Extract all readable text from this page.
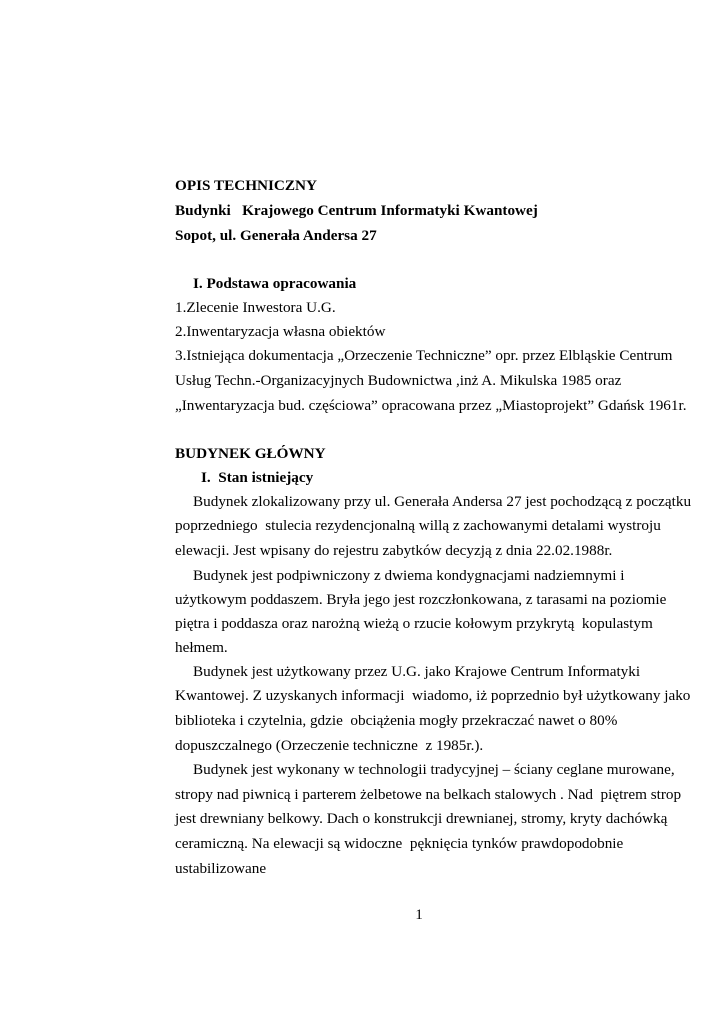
OPIS TECHNICZNY
Budynki   Krajowego Centrum Informatyki Kwantowej
Sopot, ul. Generała Andersa 27
I. Podstawa opracowania
1.Zlecenie Inwestora U.G.
2.Inwentaryzacja własna obiektów
3.Istniejąca dokumentacja „Orzeczenie Techniczne” opr. przez Elbląskie Centrum
Usług Techn.-Organizacyjnych Budownictwa ,inż A. Mikulska 1985 oraz
„Inwentaryzacja bud. częściowa” opracowana przez „Miastoprojekt” Gdańsk 1961r.
BUDYNEK GŁÓWNY
I.  Stan istniejący
Budynek zlokalizowany przy ul. Generała Andersa 27 jest pochodzącą z początku
poprzedniego  stulecia rezydencjonalną willą z zachowanymi detalami wystroju
elewacji. Jest wpisany do rejestru zabytków decyzją z dnia 22.02.1988r.
Budynek jest podpiwniczony z dwiema kondygnacjami nadziemnymi i
użytkowym poddaszem. Bryła jego jest rozczłonkowana, z tarasami na poziomie
piętra i poddasza oraz narożną wieżą o rzucie kołowym przykrytą  kopulastym
hełmem.
Budynek jest użytkowany przez U.G. jako Krajowe Centrum Informatyki
Kwantowej. Z uzyskanych informacji  wiadomo, iż poprzednio był użytkowany jako
biblioteka i czytelnia, gdzie  obciążenia mogły przekraczać nawet o 80%
dopuszczalnego (Orzeczenie techniczne  z 1985r.).
Budynek jest wykonany w technologii tradycyjnej – ściany ceglane murowane,
stropy nad piwnicą i parterem żelbetowe na belkach stalowych . Nad  piętrem strop
jest drewniany belkowy. Dach o konstrukcji drewnianej, stromy, kryty dachówką
ceramiczną. Na elewacji są widoczne  pęknięcia tynków prawdopodobnie
ustabilizowane
1
